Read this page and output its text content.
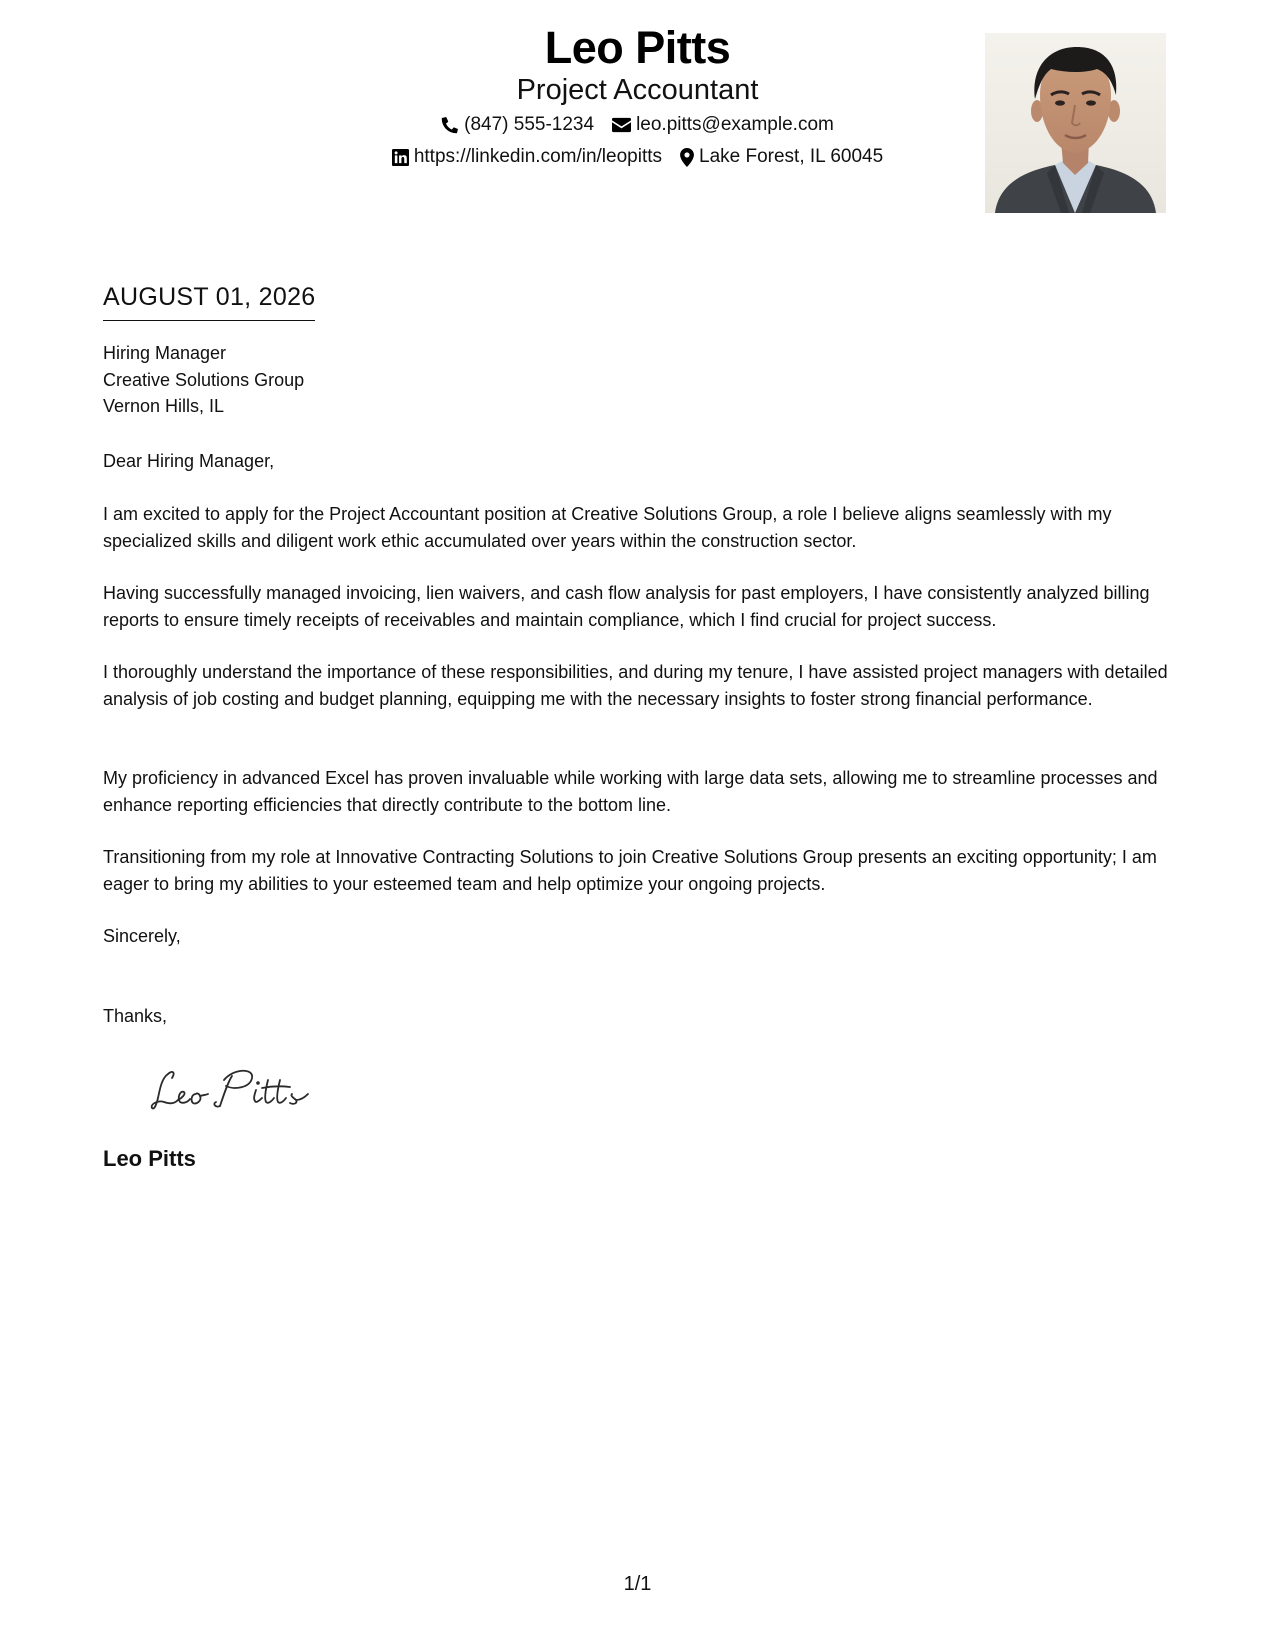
Leo Pitts
Project Accountant
(847) 555-1234 leo.pitts@example.com
https://linkedin.com/in/leopitts Lake Forest, IL 60045
AUGUST 01, 2026
Hiring Manager
Creative Solutions Group
Vernon Hills, IL
Dear Hiring Manager,

I am excited to apply for the Project Accountant position at Creative Solutions Group, a role I believe aligns seamlessly with my specialized skills and diligent work ethic accumulated over years within the construction sector.

Having successfully managed invoicing, lien waivers, and cash flow analysis for past employers, I have consistently analyzed billing reports to ensure timely receipts of receivables and maintain compliance, which I find crucial for project success.

I thoroughly understand the importance of these responsibilities, and during my tenure, I have assisted project managers with detailed analysis of job costing and budget planning, equipping me with the necessary insights to foster strong financial performance.

My proficiency in advanced Excel has proven invaluable while working with large data sets, allowing me to streamline processes and enhance reporting efficiencies that directly contribute to the bottom line.

Transitioning from my role at Innovative Contracting Solutions to join Creative Solutions Group presents an exciting opportunity; I am eager to bring my abilities to your esteemed team and help optimize your ongoing projects.

Sincerely,
Thanks,
Leo Pitts
1/1
